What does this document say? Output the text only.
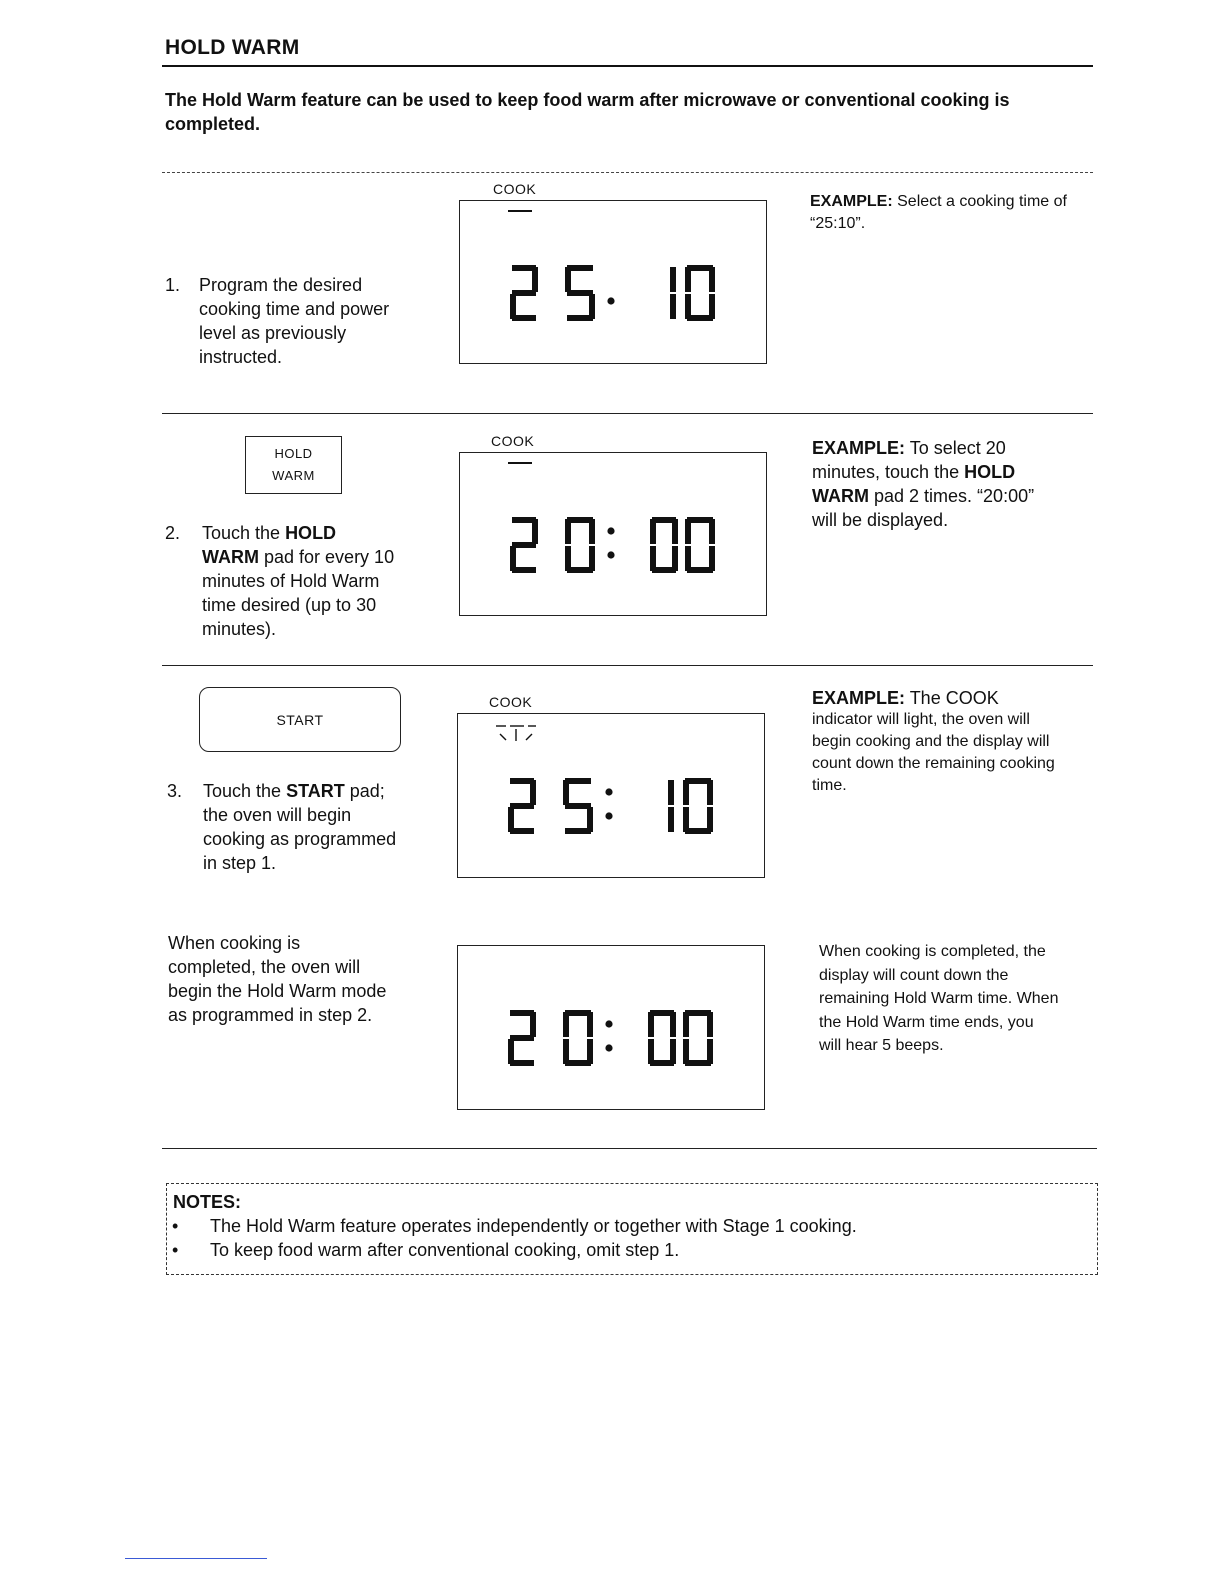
HOLD WARM
The Hold Warm feature can be used to keep food warm after microwave or conventional cooking is completed.
1. Program the desired
cooking time and power
level as previously
instructed.
COOK
EXAMPLE: Select a cooking time of
“25:10”.
HOLD
WARM
2. Touch the HOLD
WARM pad for every 10
minutes of Hold Warm
time desired (up to 30
minutes).
COOK	EXAMPLE: To select 20
minutes, touch the HOLD
WARM pad 2 times. “20:00”
will be displayed.
START
3. Touch the START pad;
the oven will begin
cooking as programmed
in step 1.
COOK	EXAMPLE: The COOK
indicator will light, the oven will
begin cooking and the display will
count down the remaining cooking
time.
When cooking is
completed, the oven will
begin the Hold Warm mode
as programmed in step 2.
When cooking is completed, the
display will count down the
remaining Hold Warm time. When
the Hold Warm time ends, you
will hear 5 beeps.
NOTES:
• The Hold Warm feature operates independently or together with Stage 1 cooking.
• To keep food warm after conventional cooking, omit step 1.
